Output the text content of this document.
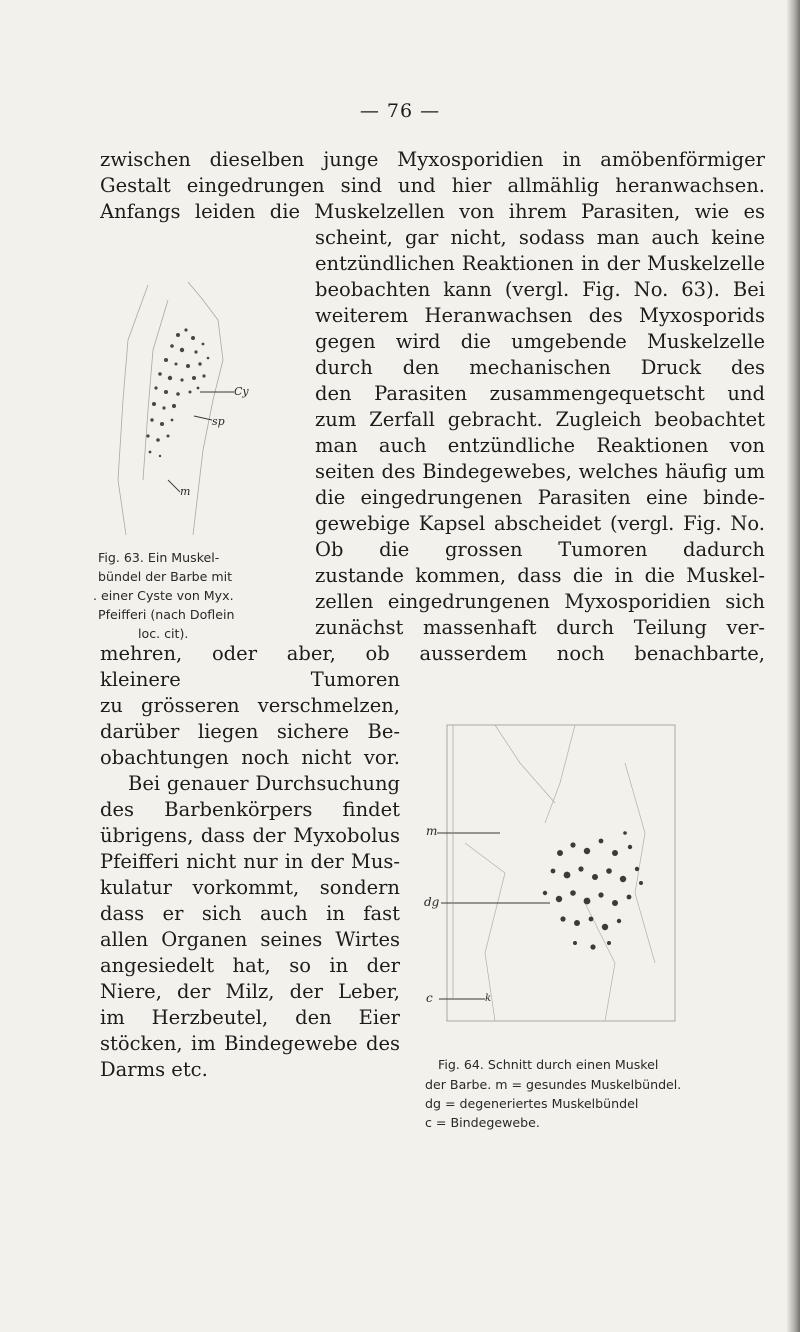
— 76 —
zwischen dieselben junge Myxosporidien in amöbenförmiger
Gestalt eingedrungen sind und hier allmählig heranwachsen.
Anfangs leiden die Muskelzellen von ihrem Parasiten, wie es
scheint, gar nicht, sodass man auch keine
entzündlichen Reaktionen in der Muskelzelle
beobachten kann (vergl. Fig. No. 63). Bei
weiterem Heranwachsen des Myxosporids
gegen wird die umgebende Muskelzelle
durch den mechanischen Druck des
den Parasiten zusammengequetscht und
zum Zerfall gebracht. Zugleich beobachtet
man auch entzündliche Reaktionen von
seiten des Bindegewebes, welches häufig um
die eingedrungenen Parasiten eine binde-
gewebige Kapsel abscheidet (vergl. Fig. No.
Ob die grossen Tumoren dadurch
zustande kommen, dass die in die Muskel-
zellen eingedrungenen Myxosporidien sich
zunächst massenhaft durch Teilung ver-
mehren, oder aber, ob ausserdem noch benachbarte,
kleinere Tumoren
zu grösseren verschmelzen,
darüber liegen sichere Be-
obachtungen noch nicht vor.
Bei genauer Durchsuchung
des Barbenkörpers findet
übrigens, dass der Myxobolus
Pfeifferi nicht nur in der Mus-
kulatur vorkommt, sondern
dass er sich auch in fast
allen Organen seines Wirtes
angesiedelt hat, so in der
Niere, der Milz, der Leber,
im Herzbeutel, den Eier
stöcken, im Bindegewebe des
Darms etc.
Cy
sp
m
Fig. 63. Ein Muskel-
bündel der Barbe mit
. einer Cyste von Myx.
Pfeifferi (nach Doflein
loc. cit).
m
dg
c	k
Fig. 64. Schnitt durch einen Muskel
der Barbe. m = gesundes Muskelbündel.
dg = degeneriertes Muskelbündel
c = Bindegewebe.
